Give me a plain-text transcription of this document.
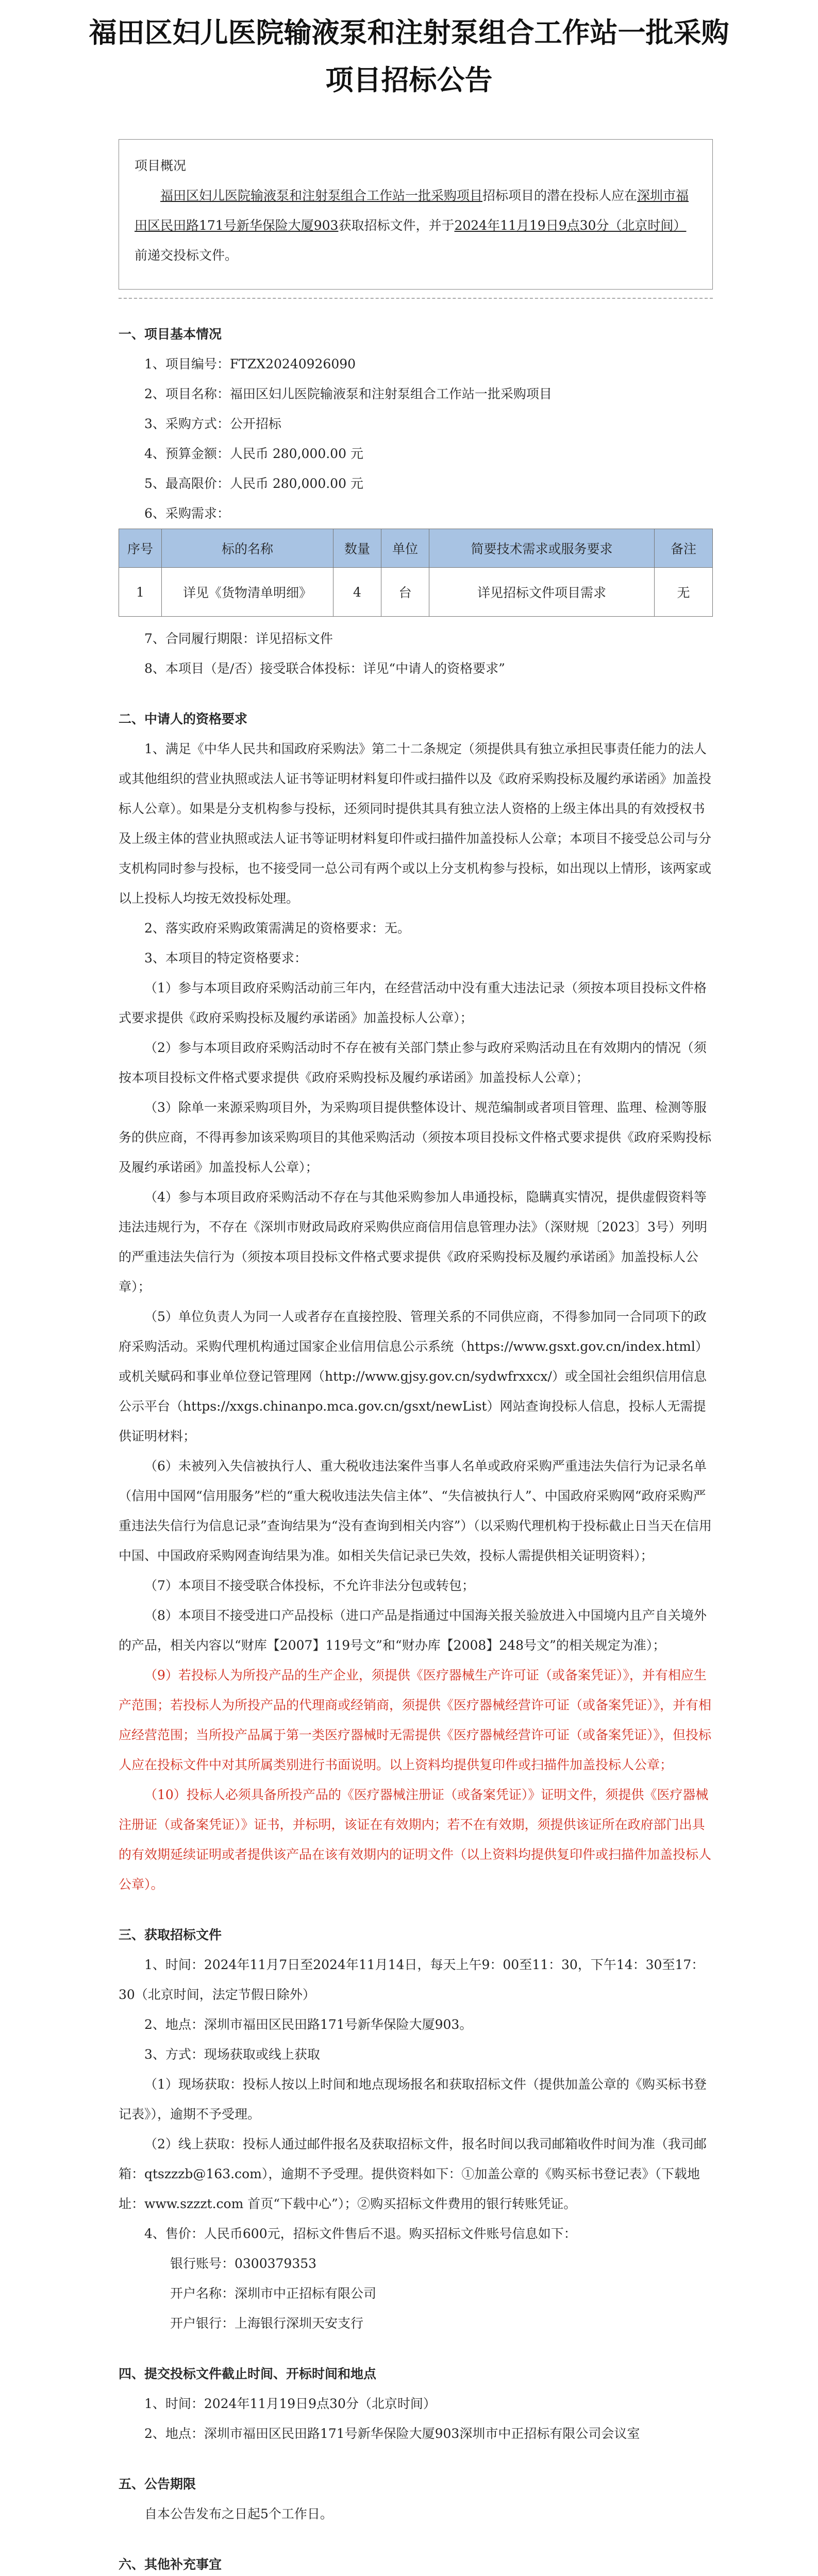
福田区妇儿医院输液泵和注射泵组合工作站一批采购项目招标公告
项目概况
福田区妇儿医院输液泵和注射泵组合工作站一批采购项目招标项目的潜在投标人应在深圳市福田区民田路171号新华保险大厦903获取招标文件，并于2024年11月19日9点30分（北京时间）前递交投标文件。

一、项目基本情况

1、项目编号：FTZX20240926090

2、项目名称：福田区妇儿医院输液泵和注射泵组合工作站一批采购项目

3、采购方式：公开招标

4、预算金额：人民币 280,000.00 元

5、最高限价：人民币 280,000.00 元

6、采购需求：

序号	标的名称	数量	单位	简要技术需求或服务要求	备注
1	详见《货物清单明细》	4	台	详见招标文件项目需求	无

7、合同履行期限：详见招标文件

8、本项目（是/否）接受联合体投标：详见“中请人的资格要求”

二、中请人的资格要求

1、满足《中华人民共和国政府采购法》第二十二条规定（须提供具有独立承担民事责任能力的法人或其他组织的营业执照或法人证书等证明材料复印件或扫描件以及《政府采购投标及履约承诺函》加盖投标人公章）。如果是分支机构参与投标，还须同时提供其具有独立法人资格的上级主体出具的有效授权书及上级主体的营业执照或法人证书等证明材料复印件或扫描件加盖投标人公章；本项目不接受总公司与分支机构同时参与投标，也不接受同一总公司有两个或以上分支机构参与投标，如出现以上情形，该两家或以上投标人均按无效投标处理。

2、落实政府采购政策需满足的资格要求：无。

3、本项目的特定资格要求：

（1）参与本项目政府采购活动前三年内，在经营活动中没有重大违法记录（须按本项目投标文件格式要求提供《政府采购投标及履约承诺函》加盖投标人公章）；

（2）参与本项目政府采购活动时不存在被有关部门禁止参与政府采购活动且在有效期内的情况（须按本项目投标文件格式要求提供《政府采购投标及履约承诺函》加盖投标人公章）；

（3）除单一来源采购项目外，为采购项目提供整体设计、规范编制或者项目管理、监理、检测等服务的供应商，不得再参加该采购项目的其他采购活动（须按本项目投标文件格式要求提供《政府采购投标及履约承诺函》加盖投标人公章）；

（4）参与本项目政府采购活动不存在与其他采购参加人串通投标，隐瞒真实情况，提供虚假资料等违法违规行为，不存在《深圳市财政局政府采购供应商信用信息管理办法》（深财规〔2023〕3号）列明的严重违法失信行为（须按本项目投标文件格式要求提供《政府采购投标及履约承诺函》加盖投标人公章）；

（5）单位负责人为同一人或者存在直接控股、管理关系的不同供应商，不得参加同一合同项下的政府采购活动。采购代理机构通过国家企业信用信息公示系统（https://www.gsxt.gov.cn/index.html）或机关赋码和事业单位登记管理网（http://www.gjsy.gov.cn/sydwfrxxcx/）或全国社会组织信用信息公示平台（https://xxgs.chinanpo.mca.gov.cn/gsxt/newList）网站查询投标人信息，投标人无需提供证明材料；

（6）未被列入失信被执行人、重大税收违法案件当事人名单或政府采购严重违法失信行为记录名单（信用中国网“信用服务”栏的“重大税收违法失信主体”、“失信被执行人”、中国政府采购网“政府采购严重违法失信行为信息记录”查询结果为“没有查询到相关内容”）（以采购代理机构于投标截止日当天在信用中国、中国政府采购网查询结果为准。如相关失信记录已失效，投标人需提供相关证明资料）；

（7）本项目不接受联合体投标，不允许非法分包或转包；

（8）本项目不接受进口产品投标（进口产品是指通过中国海关报关验放进入中国境内且产自关境外的产品，相关内容以“财库【2007】119号文”和“财办库【2008】248号文”的相关规定为准）；

（9）若投标人为所投产品的生产企业，须提供《医疗器械生产许可证（或备案凭证）》，并有相应生产范围；若投标人为所投产品的代理商或经销商，须提供《医疗器械经营许可证（或备案凭证）》，并有相应经营范围；当所投产品属于第一类医疗器械时无需提供《医疗器械经营许可证（或备案凭证）》，但投标人应在投标文件中对其所属类别进行书面说明。以上资料均提供复印件或扫描件加盖投标人公章；

（10）投标人必须具备所投产品的《医疗器械注册证（或备案凭证）》证明文件，须提供《医疗器械注册证（或备案凭证）》证书，并标明，该证在有效期内；若不在有效期，须提供该证所在政府部门出具的有效期延续证明或者提供该产品在该有效期内的证明文件（以上资料均提供复印件或扫描件加盖投标人公章）。

三、获取招标文件

1、时间：2024年11月7日至2024年11月14日，每天上午9：00至11：30，下午14：30至17：30（北京时间，法定节假日除外）

2、地点：深圳市福田区民田路171号新华保险大厦903。

3、方式：现场获取或线上获取

（1）现场获取：投标人按以上时间和地点现场报名和获取招标文件（提供加盖公章的《购买标书登记表》），逾期不予受理。

（2）线上获取：投标人通过邮件报名及获取招标文件，报名时间以我司邮箱收件时间为准（我司邮箱：qtszzzb@163.com），逾期不予受理。提供资料如下：①加盖公章的《购买标书登记表》（下载地址：www.szzzt.com 首页“下载中心”）；②购买招标文件费用的银行转账凭证。

4、售价：人民币600元，招标文件售后不退。购买招标文件账号信息如下：

银行账号：0300379353

开户名称：深圳市中正招标有限公司

开户银行：上海银行深圳天安支行

四、提交投标文件截止时间、开标时间和地点

1、时间：2024年11月19日9点30分（北京时间）

2、地点：深圳市福田区民田路171号新华保险大厦903深圳市中正招标有限公司会议室

五、公告期限

自本公告发布之日起5个工作日。

六、其他补充事宜
